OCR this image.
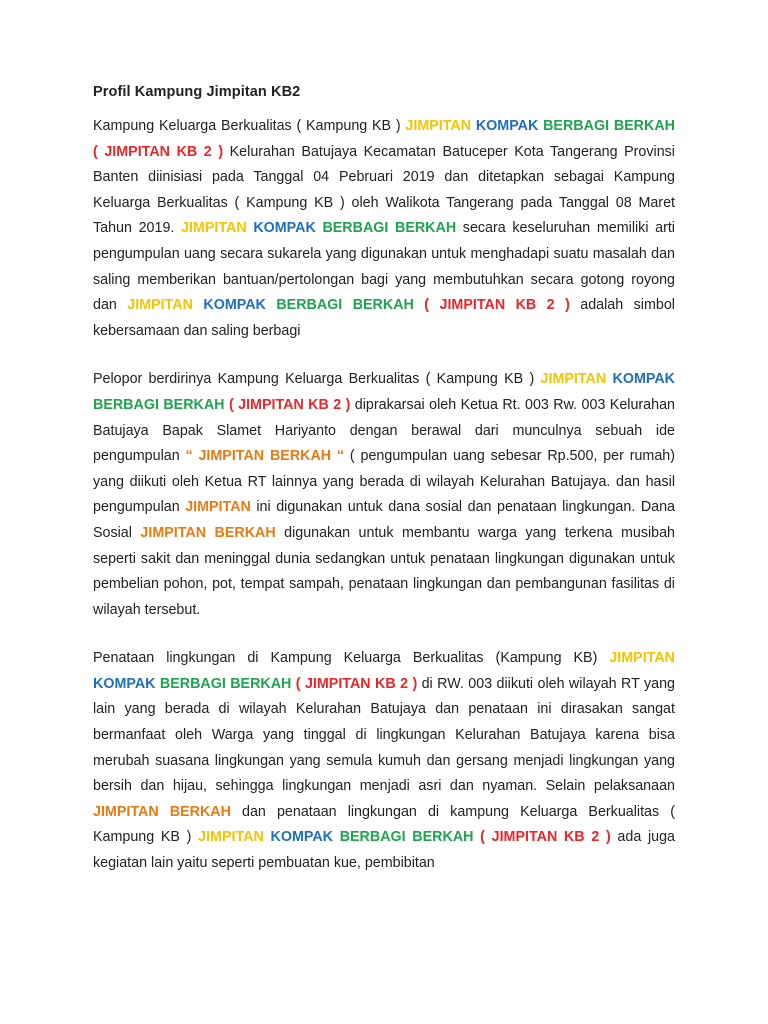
Profil Kampung Jimpitan KB2

Kampung Keluarga Berkualitas ( Kampung KB ) JIMPITAN KOMPAK BERBAGI BERKAH ( JIMPITAN KB 2 ) Kelurahan Batujaya Kecamatan Batuceper Kota Tangerang Provinsi Banten diinisiasi pada Tanggal 04 Pebruari 2019 dan ditetapkan sebagai Kampung Keluarga Berkualitas ( Kampung KB ) oleh Walikota Tangerang pada Tanggal 08 Maret Tahun 2019. JIMPITAN KOMPAK BERBAGI BERKAH secara keseluruhan memiliki arti pengumpulan uang secara sukarela yang digunakan untuk menghadapi suatu masalah dan saling memberikan bantuan/pertolongan bagi yang membutuhkan secara gotong royong dan JIMPITAN KOMPAK BERBAGI BERKAH ( JIMPITAN KB 2 ) adalah simbol kebersamaan dan saling berbagi

Pelopor berdirinya Kampung Keluarga Berkualitas ( Kampung KB ) JIMPITAN KOMPAK BERBAGI BERKAH ( JIMPITAN KB 2 ) diprakarsai oleh Ketua Rt. 003 Rw. 003 Kelurahan Batujaya Bapak Slamet Hariyanto dengan berawal dari munculnya sebuah ide pengumpulan “ JIMPITAN BERKAH “ ( pengumpulan uang sebesar Rp.500, per rumah) yang diikuti oleh Ketua RT lainnya yang berada di wilayah Kelurahan Batujaya. dan hasil pengumpulan JIMPITAN ini digunakan untuk dana sosial dan penataan lingkungan. Dana Sosial JIMPITAN BERKAH digunakan untuk membantu warga yang terkena musibah seperti sakit dan meninggal dunia sedangkan untuk penataan lingkungan digunakan untuk pembelian pohon, pot, tempat sampah, penataan lingkungan dan pembangunan fasilitas di wilayah tersebut.

Penataan lingkungan di Kampung Keluarga Berkualitas (Kampung KB) JIMPITAN KOMPAK BERBAGI BERKAH ( JIMPITAN KB 2 ) di RW. 003 diikuti oleh wilayah RT yang lain yang berada di wilayah Kelurahan Batujaya dan penataan ini dirasakan sangat bermanfaat oleh Warga yang tinggal di lingkungan Kelurahan Batujaya karena bisa merubah suasana lingkungan yang semula kumuh dan gersang menjadi lingkungan yang bersih dan hijau, sehingga lingkungan menjadi asri dan nyaman. Selain pelaksanaan JIMPITAN BERKAH dan penataan lingkungan di kampung Keluarga Berkualitas ( Kampung KB ) JIMPITAN KOMPAK BERBAGI BERKAH ( JIMPITAN KB 2 ) ada juga kegiatan lain yaitu seperti pembuatan kue, pembibitan
